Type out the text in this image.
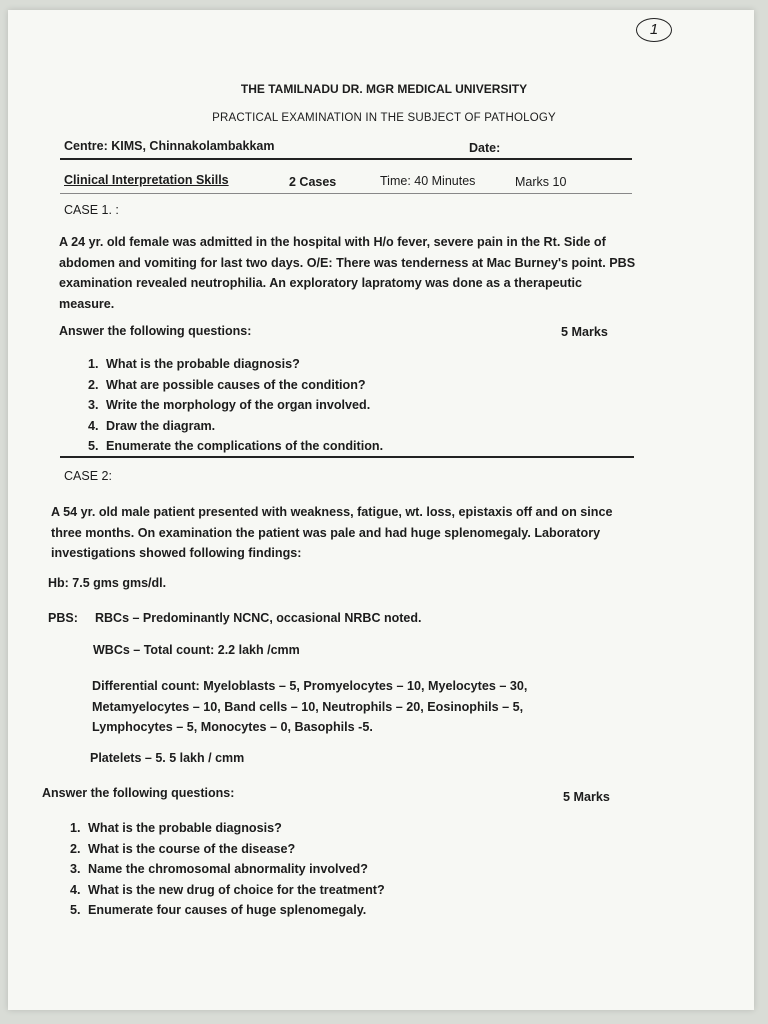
1
THE TAMILNADU DR. MGR MEDICAL UNIVERSITY
PRACTICAL EXAMINATION IN THE SUBJECT OF PATHOLOGY
Centre: KIMS, Chinnakolambakkam	Date:
Clinical Interpretation Skills	2 Cases	Time: 40 Minutes	Marks 10
CASE 1. :
A 24 yr. old female was admitted in the hospital with H/o fever, severe pain in the Rt. Side of abdomen and vomiting for last two days. O/E: There was tenderness at Mac Burney's point. PBS examination revealed neutrophilia. An exploratory lapratomy was done as a therapeutic measure.
Answer the following questions:	5 Marks
1. What is the probable diagnosis?
2. What are possible causes of the condition?
3. Write the morphology of the organ involved.
4. Draw the diagram.
5. Enumerate the complications of the condition.
CASE 2:
A 54 yr. old male patient presented with weakness, fatigue, wt. loss, epistaxis off and on since three months. On examination the patient was pale and had huge splenomegaly. Laboratory investigations showed following findings:
Hb: 7.5 gms gms/dl.
PBS: RBCs – Predominantly NCNC, occasional NRBC noted.
WBCs – Total count: 2.2 lakh /cmm
Differential count: Myeloblasts – 5, Promyelocytes – 10, Myelocytes – 30, Metamyelocytes – 10, Band cells – 10, Neutrophils – 20, Eosinophils – 5, Lymphocytes – 5, Monocytes – 0, Basophils -5.
Platelets – 5. 5 lakh / cmm
Answer the following questions:	5 Marks
1. What is the probable diagnosis?
2. What is the course of the disease?
3. Name the chromosomal abnormality involved?
4. What is the new drug of choice for the treatment?
5. Enumerate four causes of huge splenomegaly.
